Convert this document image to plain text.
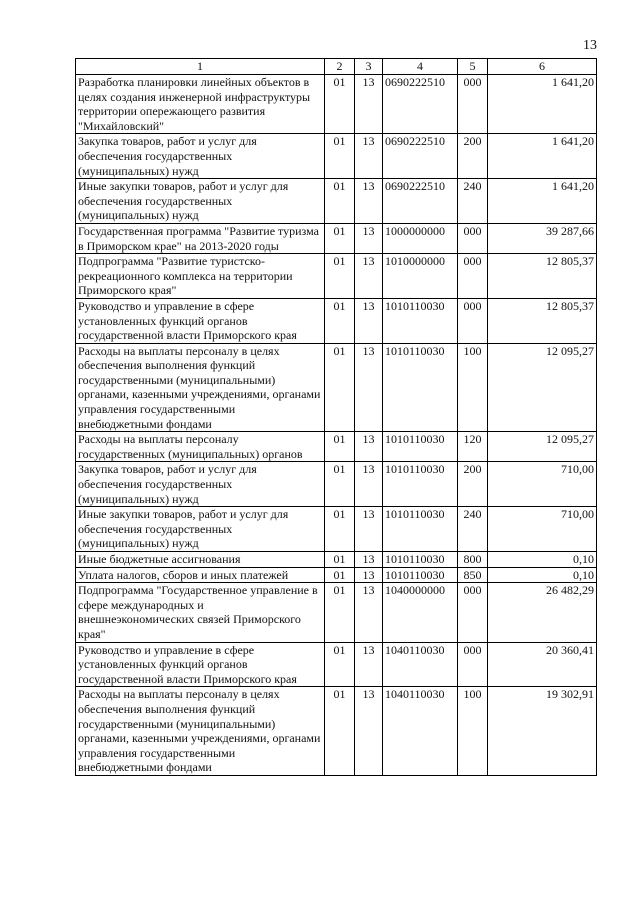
13
1	2	3	4	5	6
Разработка планировки линейных объектов в целях создания инженерной инфраструктуры территории опережающего развития "Михайловский"	01	13	0690222510	000	1 641,20
Закупка товаров, работ и услуг для обеспечения государственных (муниципальных) нужд	01	13	0690222510	200	1 641,20
Иные закупки товаров, работ и услуг для обеспечения государственных (муниципальных) нужд	01	13	0690222510	240	1 641,20
Государственная программа "Развитие туризма в Приморском крае" на 2013-2020 годы	01	13	1000000000	000	39 287,66
Подпрограмма "Развитие туристско-рекреационного комплекса на территории Приморского края"	01	13	1010000000	000	12 805,37
Руководство и управление в сфере установленных функций органов государственной власти Приморского края	01	13	1010110030	000	12 805,37
Расходы на выплаты персоналу в целях обеспечения выполнения функций государственными (муниципальными) органами, казенными учреждениями, органами управления государственными внебюджетными фондами	01	13	1010110030	100	12 095,27
Расходы на выплаты персоналу государственных (муниципальных) органов	01	13	1010110030	120	12 095,27
Закупка товаров, работ и услуг для обеспечения государственных (муниципальных) нужд	01	13	1010110030	200	710,00
Иные закупки товаров, работ и услуг для обеспечения государственных (муниципальных) нужд	01	13	1010110030	240	710,00
Иные бюджетные ассигнования	01	13	1010110030	800	0,10
Уплата налогов, сборов и иных платежей	01	13	1010110030	850	0,10
Подпрограмма "Государственное управление в сфере международных и внешнеэкономических связей Приморского края"	01	13	1040000000	000	26 482,29
Руководство и управление в сфере установленных функций органов государственной власти Приморского края	01	13	1040110030	000	20 360,41
Расходы на выплаты персоналу в целях обеспечения выполнения функций государственными (муниципальными) органами, казенными учреждениями, органами управления государственными внебюджетными фондами	01	13	1040110030	100	19 302,91
